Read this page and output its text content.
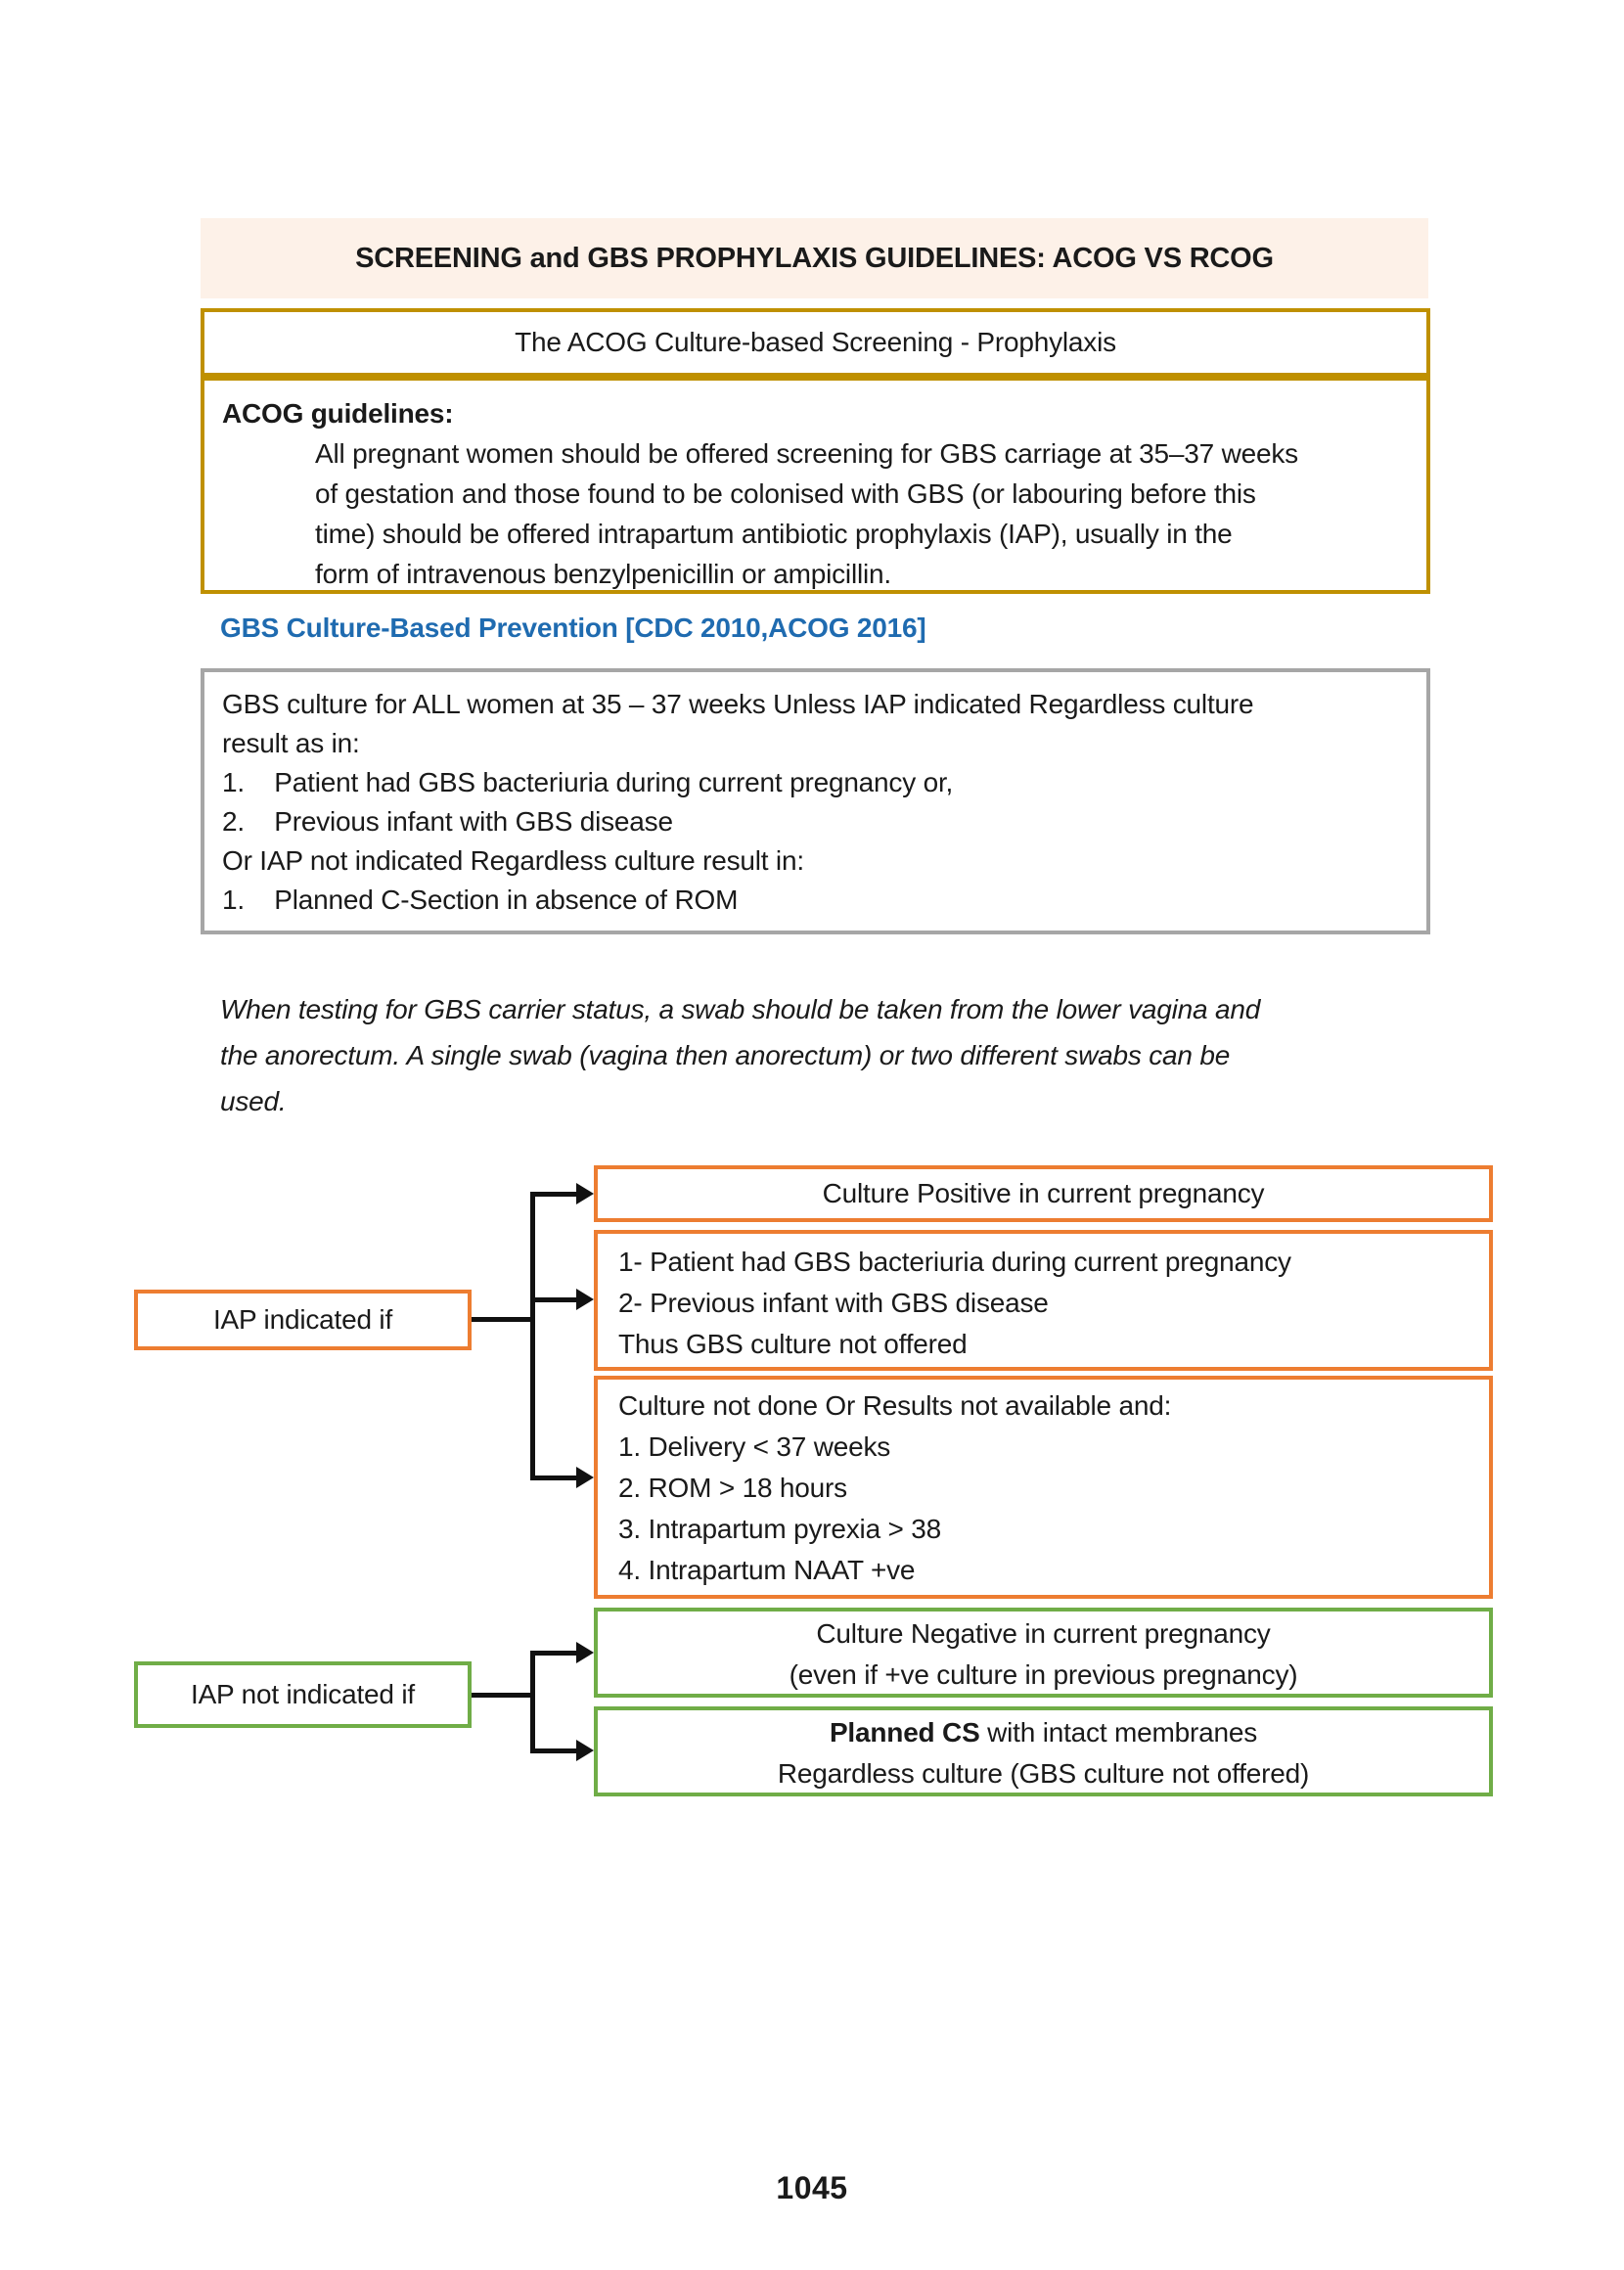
SCREENING and GBS PROPHYLAXIS GUIDELINES: ACOG VS RCOG
The ACOG Culture-based Screening - Prophylaxis
ACOG guidelines:
All pregnant women should be offered screening for GBS carriage at 35–37 weeks
of gestation and those found to be colonised with GBS (or labouring before this
time) should be offered intrapartum antibiotic prophylaxis (IAP), usually in the
form of intravenous benzylpenicillin or ampicillin.
GBS Culture-Based Prevention [CDC 2010,ACOG 2016]
GBS culture for ALL women at 35 – 37 weeks Unless IAP indicated Regardless culture
result as in:
1.    Patient had GBS bacteriuria during current pregnancy or,
2.    Previous infant with GBS disease
Or IAP not indicated Regardless culture result in:
1.    Planned C-Section in absence of ROM
When testing for GBS carrier status, a swab should be taken from the lower vagina and
the anorectum. A single swab (vagina then anorectum) or two different swabs can be
used.
IAP indicated if
Culture Positive in current pregnancy
1- Patient had GBS bacteriuria during current pregnancy
2- Previous infant with GBS disease
Thus GBS culture not offered
Culture not done Or Results not available and:
1. Delivery < 37 weeks
2. ROM > 18 hours
3. Intrapartum pyrexia > 38
4. Intrapartum NAAT +ve
IAP not indicated if
Culture Negative in current pregnancy
(even if +ve culture in previous pregnancy)
Planned CS with intact membranes
Regardless culture (GBS culture not offered)
1045
